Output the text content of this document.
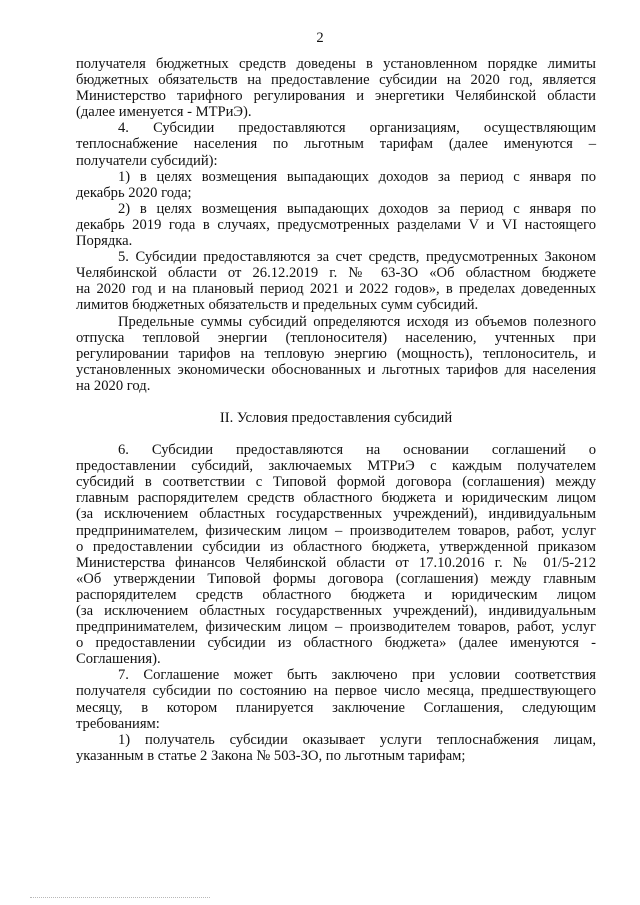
2
получателя бюджетных средств доведены в установленном порядке лимиты
бюджетных обязательств на предоставление субсидии на 2020 год, является
Министерство тарифного регулирования и энергетики Челябинской области
(далее именуется - МТРиЭ).
4. Субсидии предоставляются организациям, осуществляющим
теплоснабжение населения по льготным тарифам (далее именуются –
получатели субсидий):
1) в целях возмещения выпадающих доходов за период с января по
декабрь 2020 года;
2) в целях возмещения выпадающих доходов за период с января по
декабрь 2019 года в случаях, предусмотренных разделами V и VI настоящего
Порядка.
5. Субсидии предоставляются за счет средств, предусмотренных Законом
Челябинской области от 26.12.2019 г. № 63-ЗО «Об областном бюджете
на 2020 год и на плановый период 2021 и 2022 годов», в пределах доведенных
лимитов бюджетных обязательств и предельных сумм субсидий.
Предельные суммы субсидий определяются исходя из объемов полезного
отпуска тепловой энергии (теплоносителя) населению, учтенных при
регулировании тарифов на тепловую энергию (мощность), теплоноситель, и
установленных экономически обоснованных и льготных тарифов для населения
на 2020 год.
II. Условия предоставления субсидий
6. Субсидии предоставляются на основании соглашений о
предоставлении субсидий, заключаемых МТРиЭ с каждым получателем
субсидий в соответствии с Типовой формой договора (соглашения) между
главным распорядителем средств областного бюджета и юридическим лицом
(за исключением областных государственных учреждений), индивидуальным
предпринимателем, физическим лицом – производителем товаров, работ, услуг
о предоставлении субсидии из областного бюджета, утвержденной приказом
Министерства финансов Челябинской области от 17.10.2016 г. № 01/5-212
«Об утверждении Типовой формы договора (соглашения) между главным
распорядителем средств областного бюджета и юридическим лицом
(за исключением областных государственных учреждений), индивидуальным
предпринимателем, физическим лицом – производителем товаров, работ, услуг
о предоставлении субсидии из областного бюджета» (далее именуются -
Соглашения).
7. Соглашение может быть заключено при условии соответствия
получателя субсидии по состоянию на первое число месяца, предшествующего
месяцу, в котором планируется заключение Соглашения, следующим
требованиям:
1) получатель субсидии оказывает услуги теплоснабжения лицам,
указанным в статье 2 Закона № 503-ЗО, по льготным тарифам;
